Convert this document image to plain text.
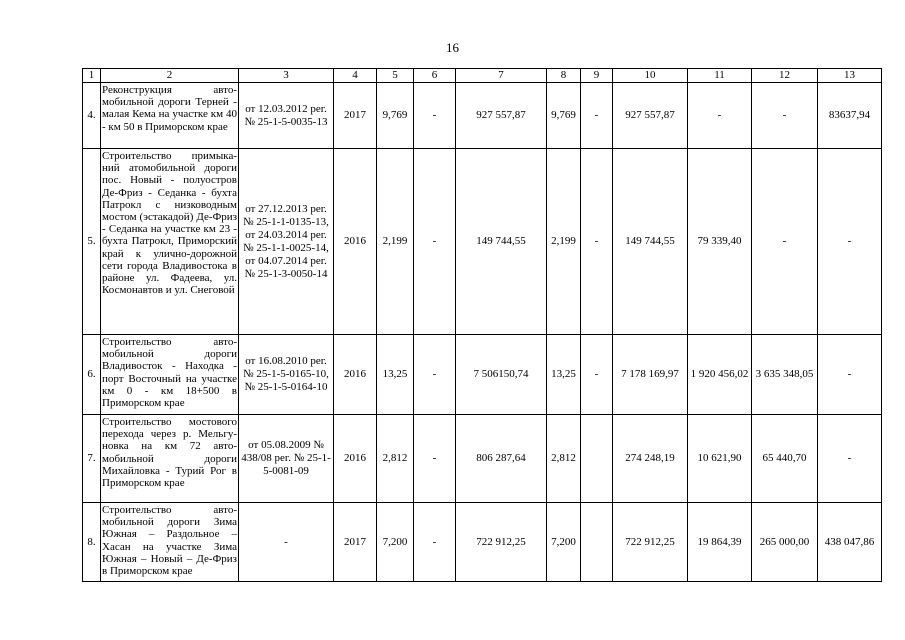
16
1	2	3	4	5	6	7	8	9	10	11	12	13
4.	Реконструкция авто-мобильной дороги Терней - малая Кема на участке км 40 - км 50 в Приморском крае	от 12.03.2012 рег. № 25-1-5-0035-13	2017	9,769	-	927 557,87	9,769	-	927 557,87	-	-	83637,94
5.	Строительство примыка-ний атомобильной дороги пос. Новый - полуостров Де-Фриз - Седанка - бухта Патрокл с низководным мостом (эстакадой) Де-Фриз - Седанка на участке км 23 - бухта Патрокл, Приморский край к улично-дорожной сети города Владивостока в районе ул. Фадеева, ул. Космонавтов и ул. Снеговой	от 27.12.2013 рег. № 25-1-1-0135-13, от 24.03.2014 рег. № 25-1-1-0025-14, от 04.07.2014 рег. № 25-1-3-0050-14	2016	2,199	-	149 744,55	2,199	-	149 744,55	79 339,40	-	-
6.	Строительство авто-мобильной дороги Владивосток - Находка - порт Восточный на участке км 0 - км 18+500 в Приморском крае	от 16.08.2010 рег. № 25-1-5-0165-10, № 25-1-5-0164-10	2016	13,25	-	7 506150,74	13,25	-	7 178 169,97	1 920 456,02	3 635 348,05	-
7.	Строительство мостового перехода через р. Мельгу-новка на км 72 авто-мобильной дороги Михайловка - Турий Рог в Приморском крае	от 05.08.2009 № 438/08 рег. № 25-1-5-0081-09	2016	2,812	-	806 287,64	2,812		274 248,19	10 621,90	65 440,70	-
8.	Строительство авто-мобильной дороги Зима Южная – Раздольное – Хасан на участке Зима Южная – Новый – Де-Фриз в Приморском крае	-	2017	7,200	-	722 912,25	7,200		722 912,25	19 864,39	265 000,00	438 047,86
